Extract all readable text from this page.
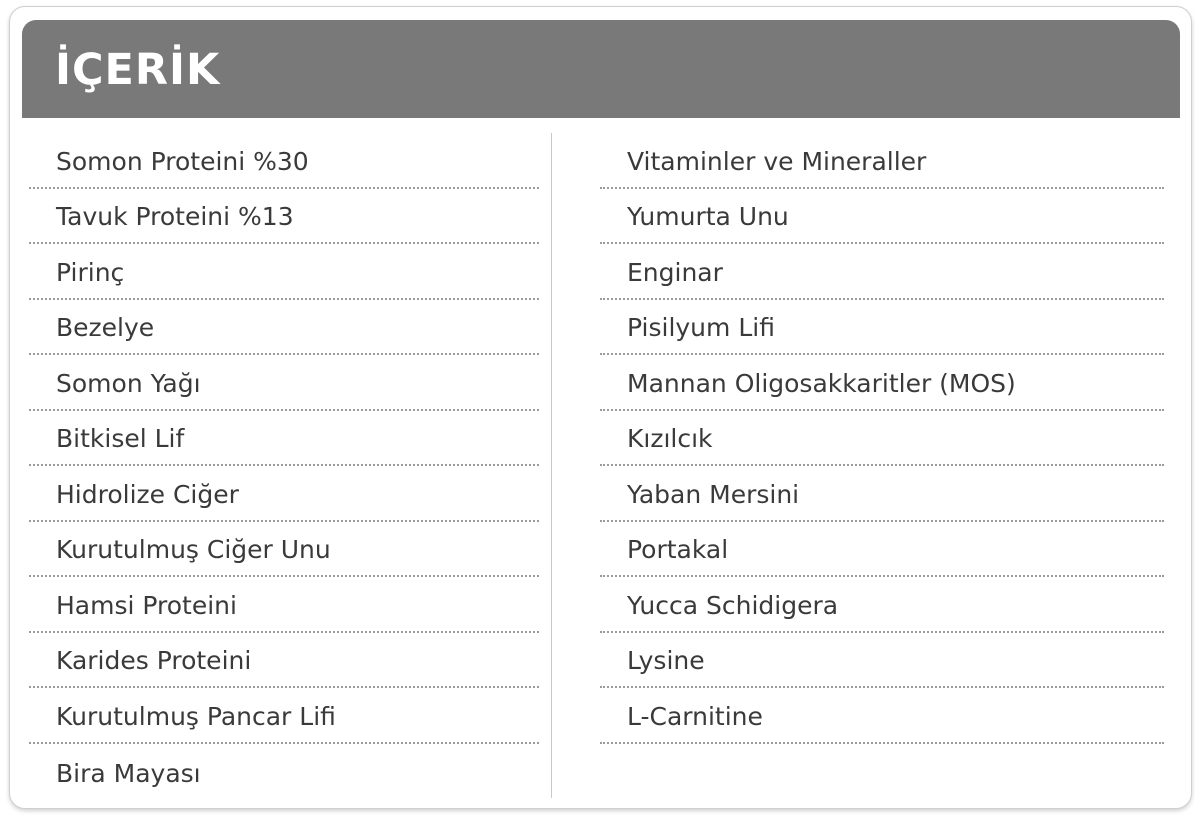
İÇERİK
Somon Proteini %30
Tavuk Proteini %13
Pirinç
Bezelye
Somon Yağı
Bitkisel Lif
Hidrolize Ciğer
Kurutulmuş Ciğer Unu
Hamsi Proteini
Karides Proteini
Kurutulmuş Pancar Lifi
Bira Mayası
Vitaminler ve Mineraller
Yumurta Unu
Enginar
Pisilyum Lifi
Mannan Oligosakkaritler (MOS)
Kızılcık
Yaban Mersini
Portakal
Yucca Schidigera
Lysine
L-Carnitine
